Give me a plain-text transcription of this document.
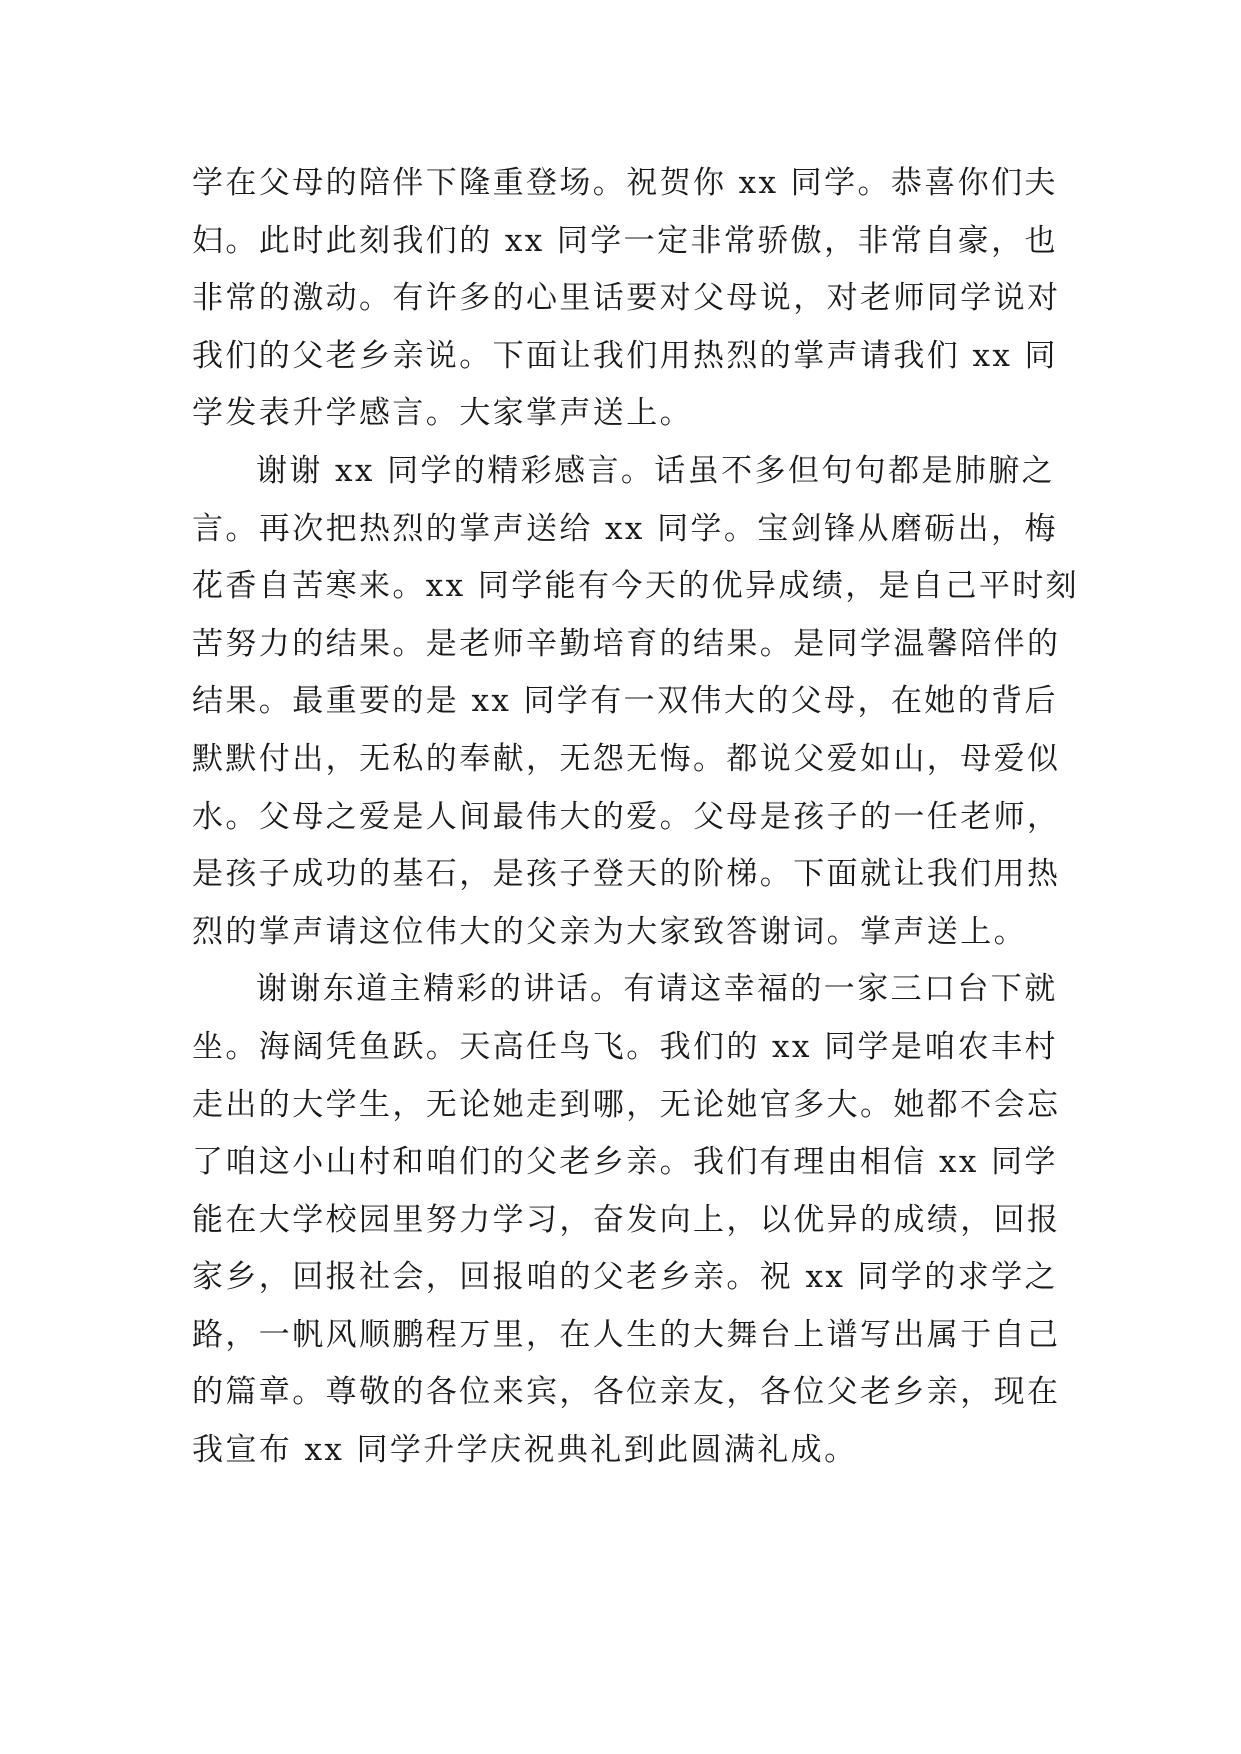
学在父母的陪伴下隆重登场。祝贺你 xx 同学。恭喜你们夫
妇。此时此刻我们的 xx 同学一定非常骄傲，非常自豪，也
非常的激动。有许多的心里话要对父母说，对老师同学说对
我们的父老乡亲说。下面让我们用热烈的掌声请我们 xx 同
学发表升学感言。大家掌声送上。
谢谢 xx 同学的精彩感言。话虽不多但句句都是肺腑之
言。再次把热烈的掌声送给 xx 同学。宝剑锋从磨砺出，梅
花香自苦寒来。xx 同学能有今天的优异成绩，是自己平时刻
苦努力的结果。是老师辛勤培育的结果。是同学温馨陪伴的
结果。最重要的是 xx 同学有一双伟大的父母，在她的背后
默默付出，无私的奉献，无怨无悔。都说父爱如山，母爱似
水。父母之爱是人间最伟大的爱。父母是孩子的一任老师，
是孩子成功的基石，是孩子登天的阶梯。下面就让我们用热
烈的掌声请这位伟大的父亲为大家致答谢词。掌声送上。
谢谢东道主精彩的讲话。有请这幸福的一家三口台下就
坐。海阔凭鱼跃。天高任鸟飞。我们的 xx 同学是咱农丰村
走出的大学生，无论她走到哪，无论她官多大。她都不会忘
了咱这小山村和咱们的父老乡亲。我们有理由相信 xx 同学
能在大学校园里努力学习，奋发向上，以优异的成绩，回报
家乡，回报社会，回报咱的父老乡亲。祝 xx 同学的求学之
路，一帆风顺鹏程万里，在人生的大舞台上谱写出属于自己
的篇章。尊敬的各位来宾，各位亲友，各位父老乡亲，现在
我宣布 xx 同学升学庆祝典礼到此圆满礼成。
